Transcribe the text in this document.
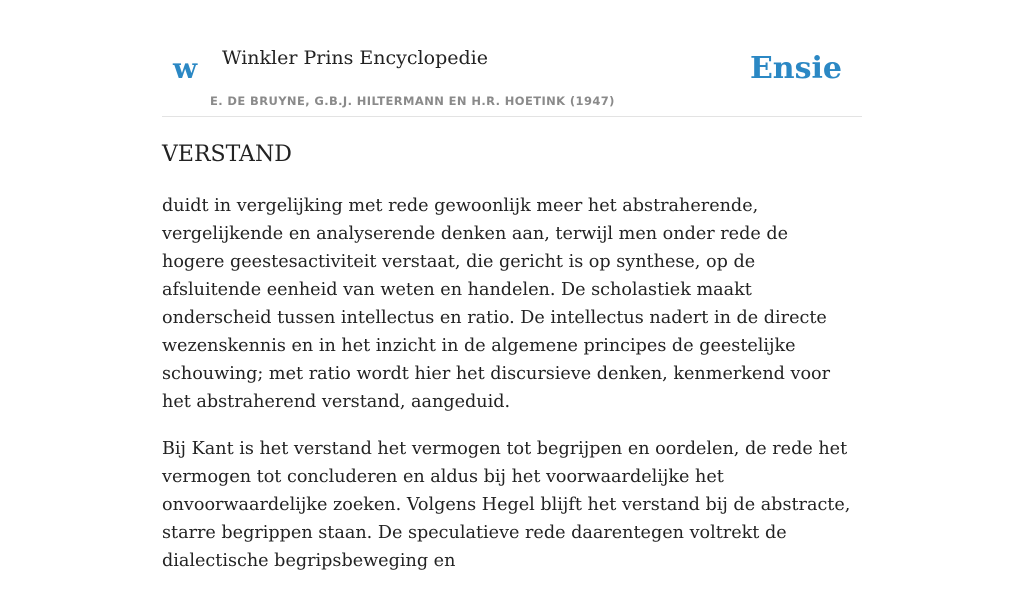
w Winkler Prins Encyclopedie
E. DE BRUYNE, G.B.J. HILTERMANN EN H.R. HOETINK (1947)
Ensie
VERSTAND

duidt in vergelijking met rede gewoonlijk meer het abstraherende, vergelijkende en analyserende denken aan, terwijl men onder rede de hogere geestesactiviteit verstaat, die gericht is op synthese, op de afsluitende eenheid van weten en handelen. De scholastiek maakt onderscheid tussen intellectus en ratio. De intellectus nadert in de directe wezenskennis en in het inzicht in de algemene principes de geestelijke schouwing; met ratio wordt hier het discursieve denken, kenmerkend voor het abstraherend verstand, aangeduid.

Bij Kant is het verstand het vermogen tot begrijpen en oordelen, de rede het vermogen tot concluderen en aldus bij het voorwaardelijke het onvoorwaardelijke zoeken. Volgens Hegel blijft het verstand bij de abstracte, starre begrippen staan. De speculatieve rede daarentegen voltrekt de dialectische begripsbeweging en
